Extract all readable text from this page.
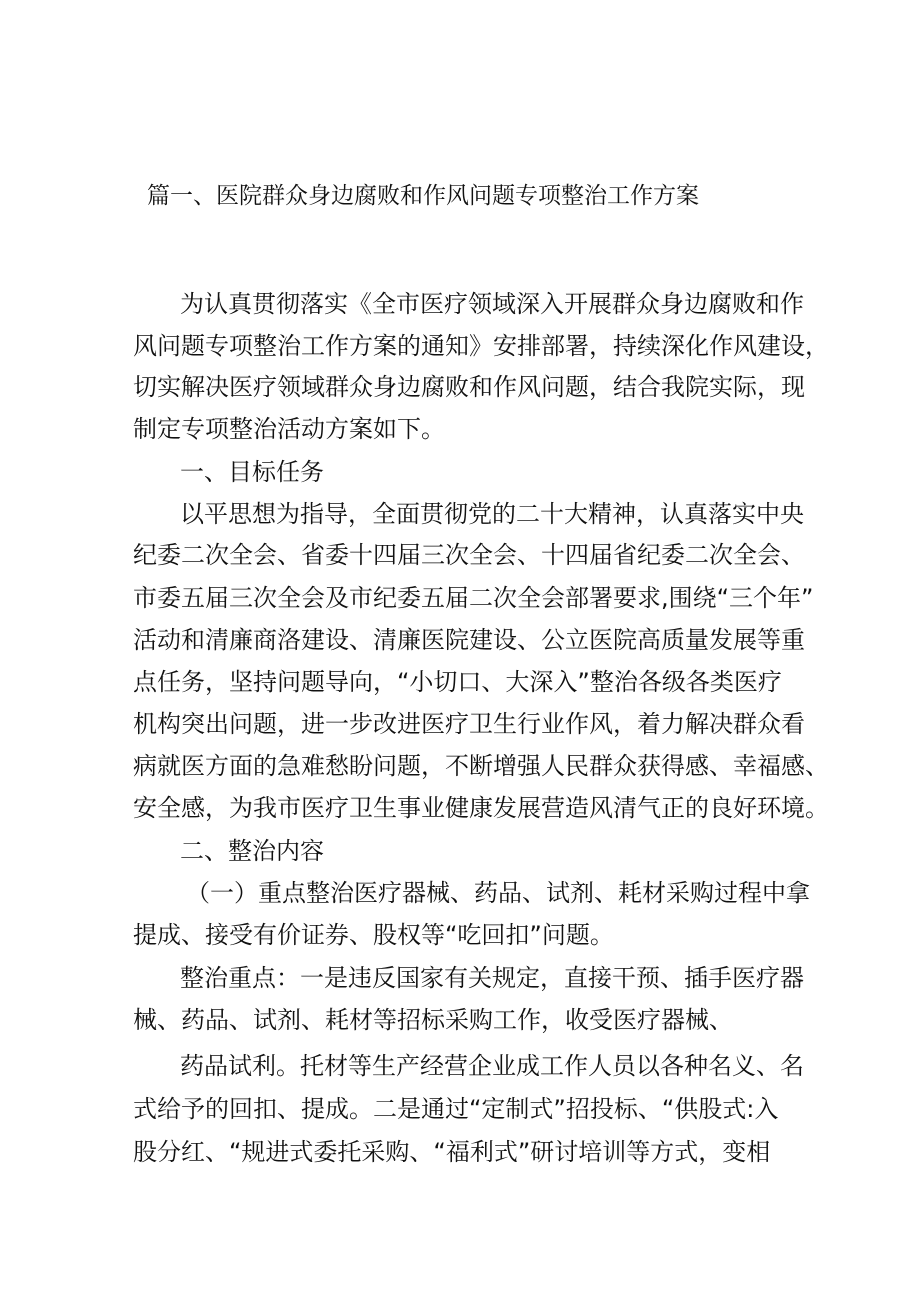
篇一、医院群众身边腐败和作风问题专项整治工作方案
为认真贯彻落实《全市医疗领域深入开展群众身边腐败和作
风问题专项整治工作方案的通知》安排部署，持续深化作风建设，
切实解决医疗领域群众身边腐败和作风问题，结合我院实际，现
制定专项整治活动方案如下。
一、目标任务
以平思想为指导，全面贯彻党的二十大精神，认真落实中央
纪委二次全会、省委十四届三次全会、十四届省纪委二次全会、
市委五届三次全会及市纪委五届二次全会部署要求,围绕“三个年”
活动和清廉商洛建设、清廉医院建设、公立医院高质量发展等重
点任务，坚持问题导向，“小切口、大深入”整治各级各类医疗
机构突出问题，进一步改进医疗卫生行业作风，着力解决群众看
病就医方面的急难愁盼问题，不断增强人民群众获得感、幸福感、
安全感，为我市医疗卫生事业健康发展营造风清气正的良好环境。
二、整治内容
（一）重点整治医疗器械、药品、试剂、耗材采购过程中拿
提成、接受有价证券、股权等“吃回扣”问题。
整治重点：一是违反国家有关规定，直接干预、插手医疗器
械、药品、试剂、耗材等招标采购工作，收受医疗器械、
药品试利。托材等生产经营企业成工作人员以各种名义、名
式给予的回扣、提成。二是通过“定制式”招投标、“供股式:入
股分红、“规进式委托采购、“福利式”研讨培训等方式，变相
